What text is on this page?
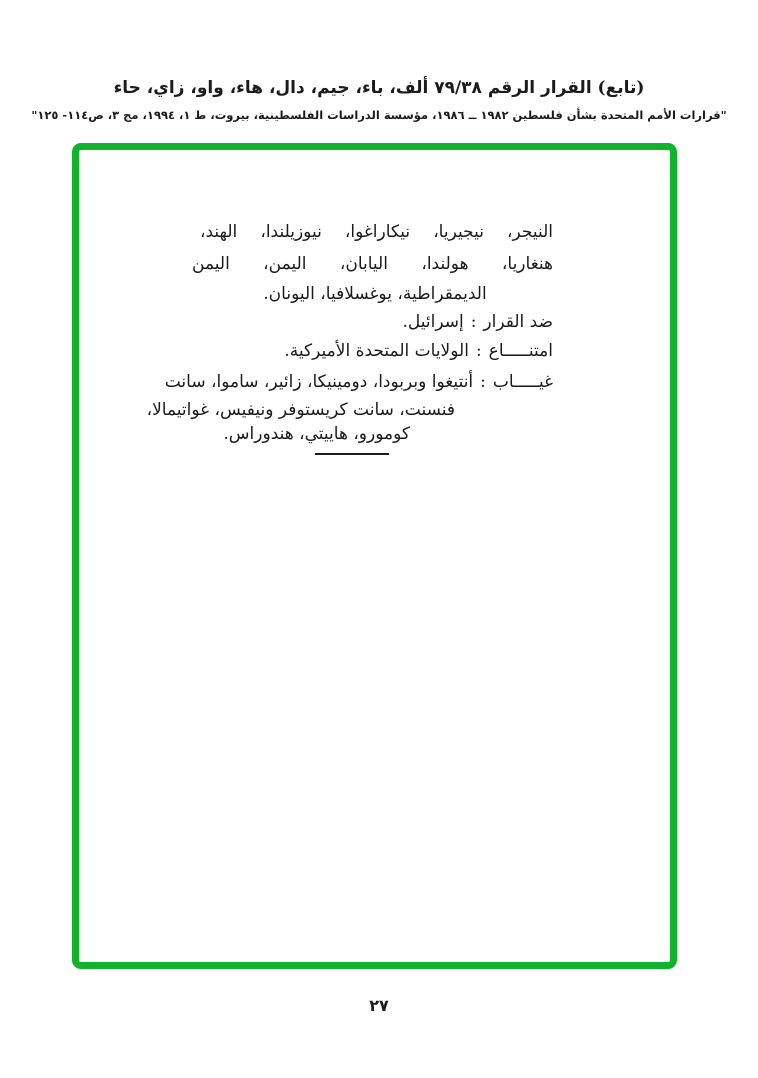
(تابع) القرار الرقم ٧٩/٣٨ ألف، باء، جيم، دال، هاء، واو، زاي، حاء
"قرارات الأمم المتحدة بشأن فلسطين ١٩٨٢ ــ ١٩٨٦، مؤسسة الدراسات الفلسطينية، بيروت، ط ١، ١٩٩٤، مج ٣، ص١١٤- ١٢٥"
النيجر، نيجيريا، نيكاراغوا، نيوزيلندا، الهند،
هنغاريا، هولندا، اليابان، اليمن، اليمن
الديمقراطية، يوغسلافيا، اليونان.
ضد القرار:إسرائيل.
امتنـــــاع:الولايات المتحدة الأميركية.
غيـــــاب:أنتيغوا وبربودا، دومينيكا، زائير، ساموا، سانت
فنسنت، سانت كريستوفر ونيفيس، غواتيمالا،
كومورو، هاييتي، هندوراس.
٢٧
